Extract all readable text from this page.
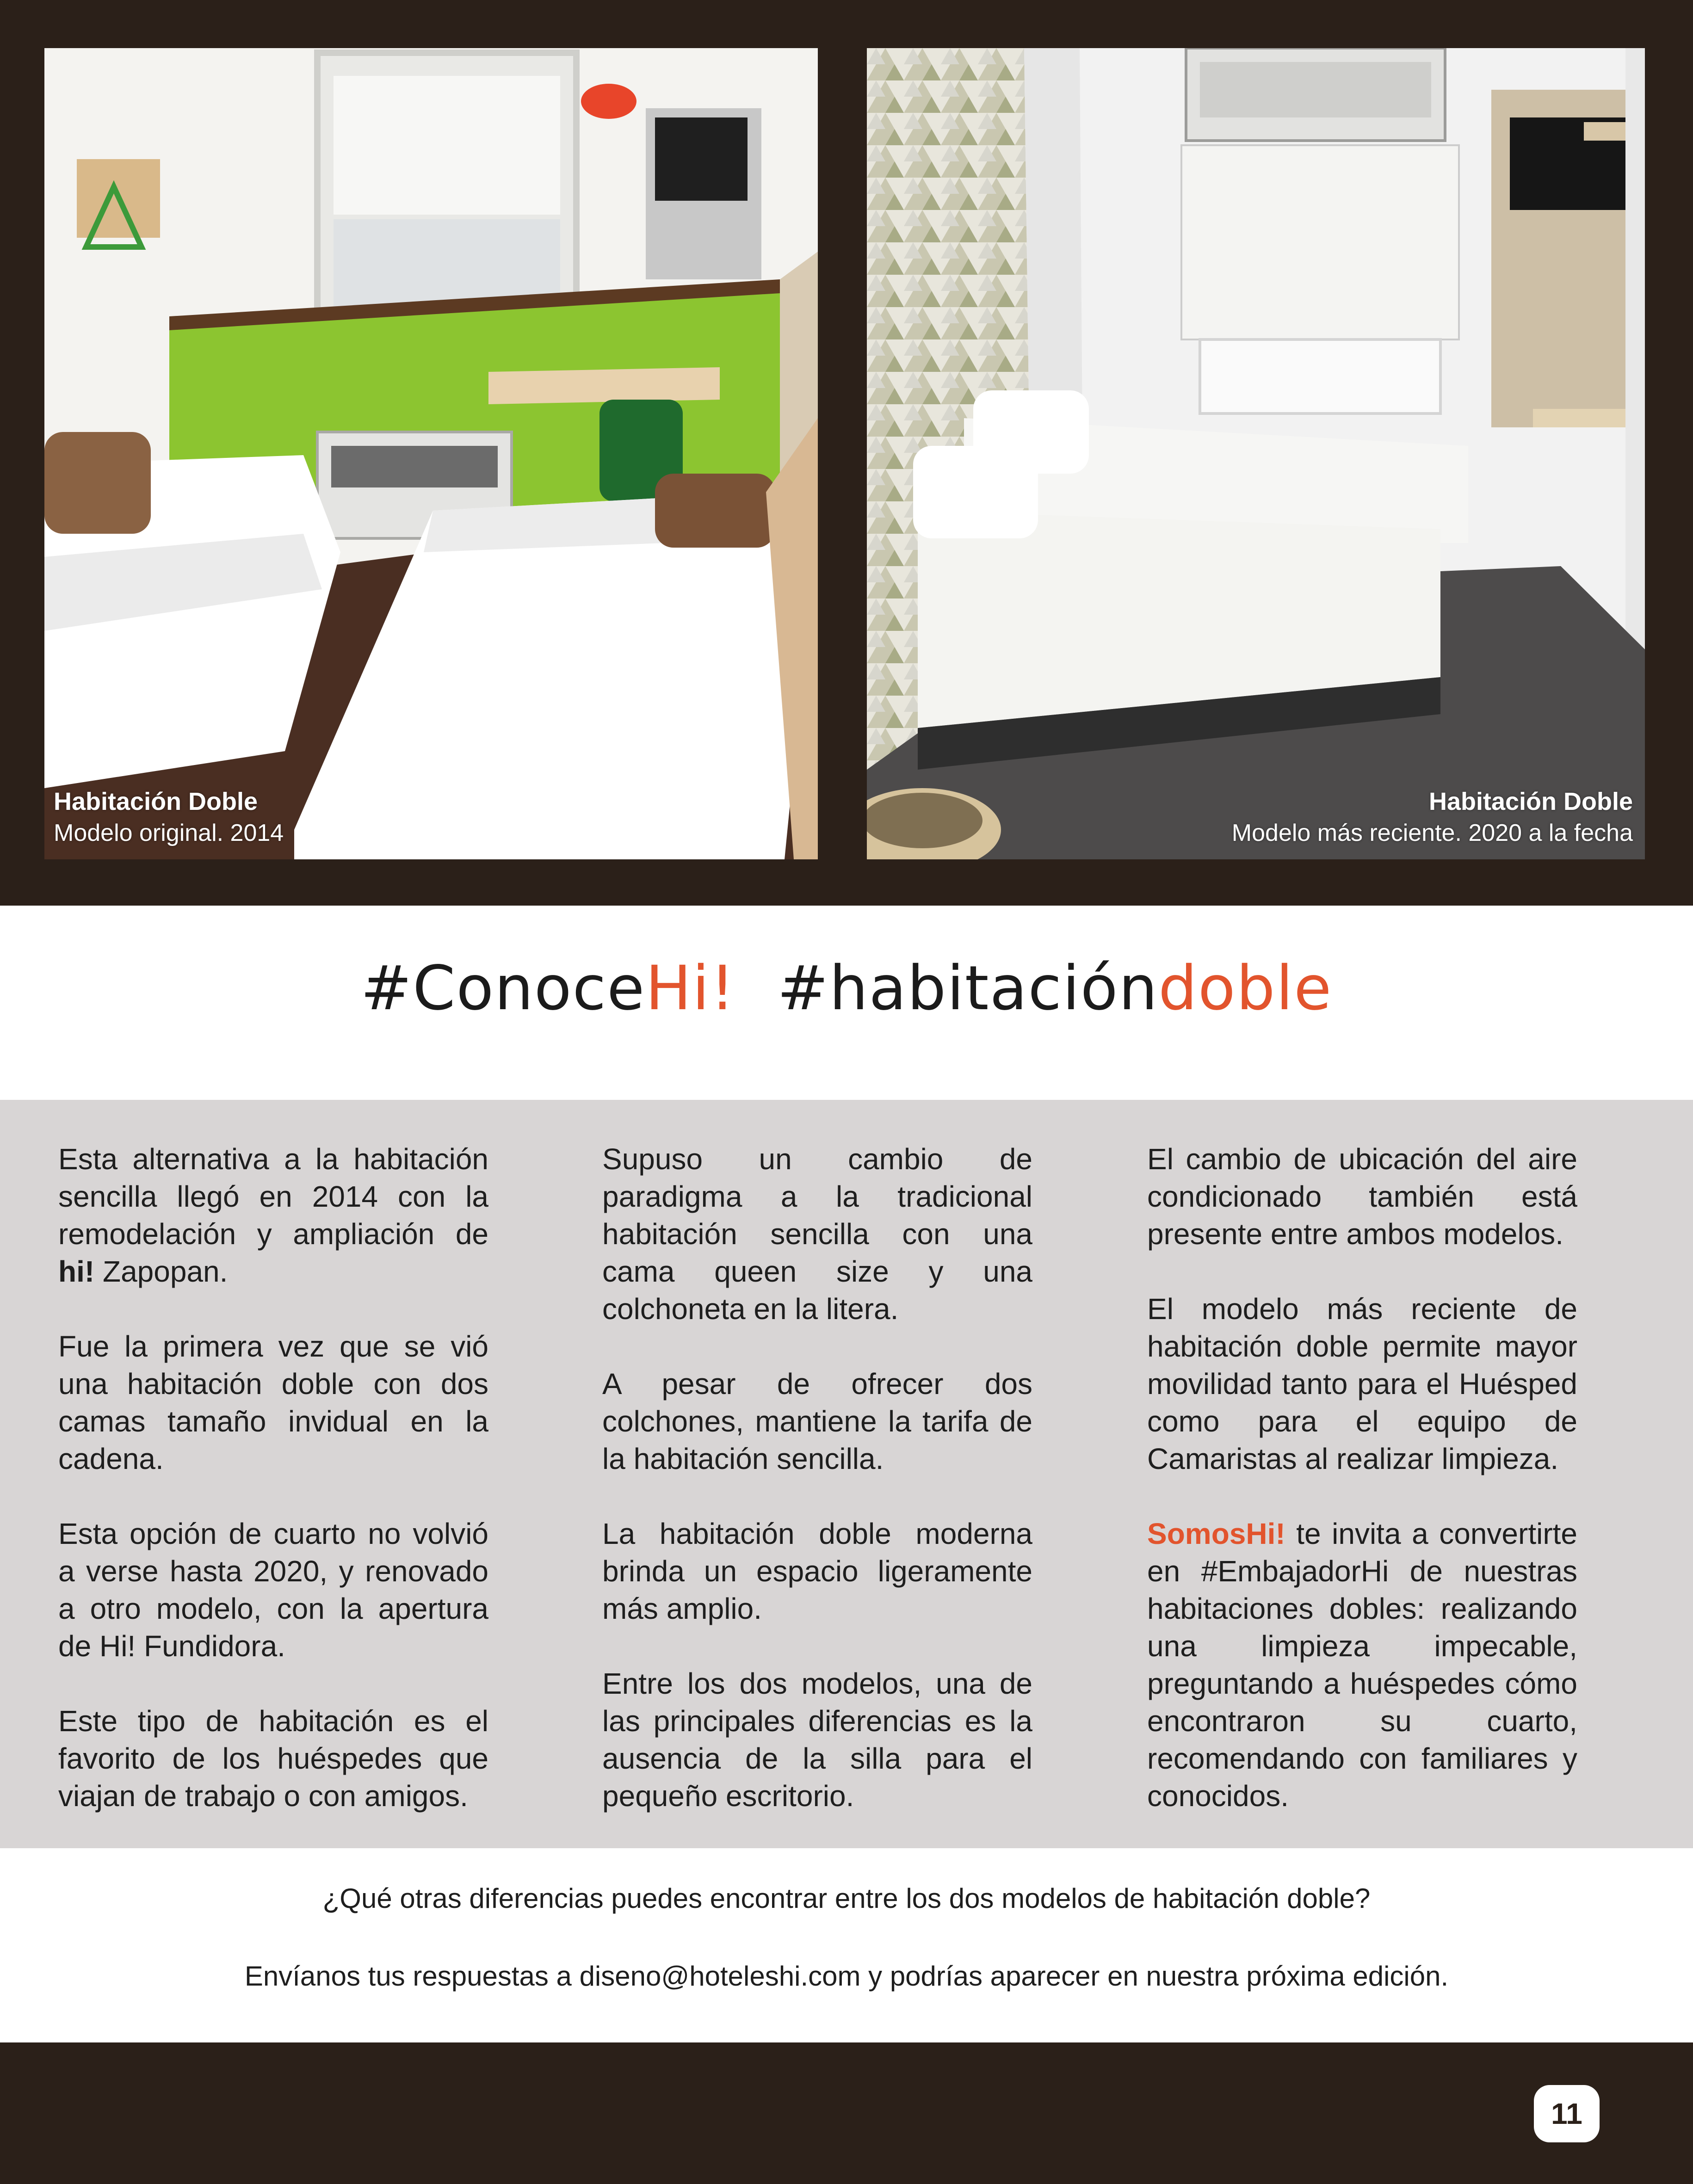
Habitación Doble
Modelo original. 2014
Habitación Doble
Modelo más reciente. 2020 a la fecha
#ConoceHi! #habitacióndoble

Esta alternativa a la habitación sencilla llegó en 2014 con la remodelación y ampliación de hi! Zapopan.

Fue la primera vez que se vió una habitación doble con dos camas tamaño invidual en la cadena.

Esta opción de cuarto no volvió a verse hasta 2020, y renovado a otro modelo, con la apertura de Hi! Fundidora.

Este tipo de habitación es el favorito de los huéspedes que viajan de trabajo o con amigos.

Supuso un cambio de paradigma a la tradicional habitación sencilla con una cama queen size y una colchoneta en la litera.

A pesar de ofrecer dos colchones, mantiene la tarifa de la habitación sencilla.

La habitación doble moderna brinda un espacio ligeramente más amplio.

Entre los dos modelos, una de las principales diferencias es la ausencia de la silla para el pequeño escritorio.

El cambio de ubicación del aire condicionado también está presente entre ambos modelos.

El modelo más reciente de habitación doble permite mayor movilidad tanto para el Huésped como para el equipo de Camaristas al realizar limpieza.

SomosHi! te invita a convertirte en #EmbajadorHi de nuestras habitaciones dobles: realizando una limpieza impecable, preguntando a huéspedes cómo encontraron su cuarto, recomendando con familiares y conocidos.

¿Qué otras diferencias puedes encontrar entre los dos modelos de habitación doble?
Envíanos tus respuestas a diseno@hoteleshi.com y podrías aparecer en nuestra próxima edición.
11
